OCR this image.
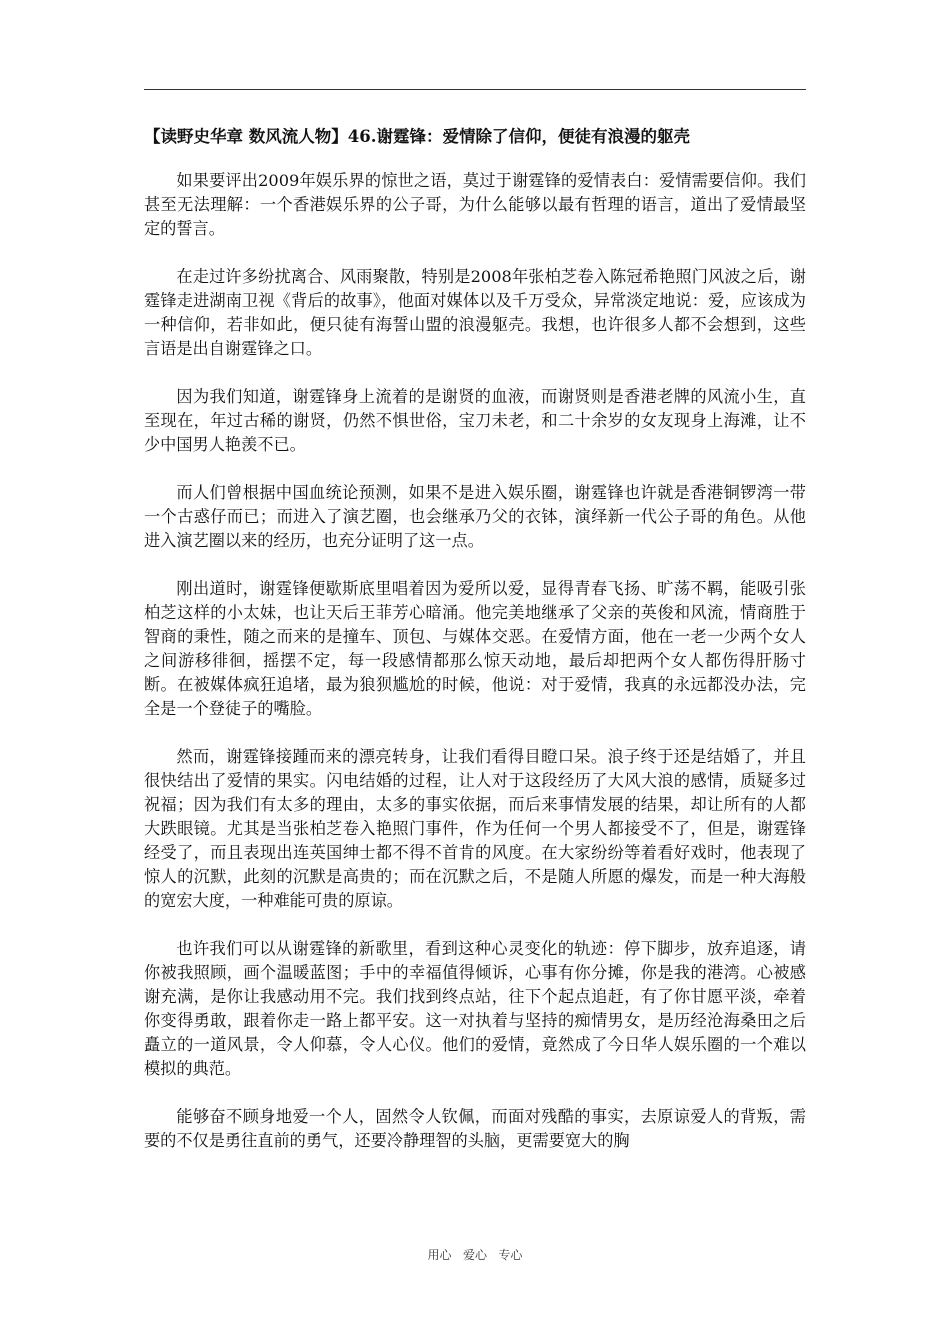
【读野史华章 数风流人物】46.谢霆锋：爱情除了信仰，便徒有浪漫的躯壳

如果要评出2009年娱乐界的惊世之语，莫过于谢霆锋的爱情表白：爱情需要信仰。我们甚至无法理解：一个香港娱乐界的公子哥，为什么能够以最有哲理的语言，道出了爱情最坚定的誓言。

在走过许多纷扰离合、风雨聚散，特别是2008年张柏芝卷入陈冠希艳照门风波之后，谢霆锋走进湖南卫视《背后的故事》，他面对媒体以及千万受众，异常淡定地说：爱，应该成为一种信仰，若非如此，便只徒有海誓山盟的浪漫躯壳。我想，也许很多人都不会想到，这些言语是出自谢霆锋之口。

因为我们知道，谢霆锋身上流着的是谢贤的血液，而谢贤则是香港老牌的风流小生，直至现在，年过古稀的谢贤，仍然不惧世俗，宝刀未老，和二十余岁的女友现身上海滩，让不少中国男人艳羡不已。

而人们曾根据中国血统论预测，如果不是进入娱乐圈，谢霆锋也许就是香港铜锣湾一带一个古惑仔而已；而进入了演艺圈，也会继承乃父的衣钵，演绎新一代公子哥的角色。从他进入演艺圈以来的经历，也充分证明了这一点。

刚出道时，谢霆锋便歇斯底里唱着因为爱所以爱，显得青春飞扬、旷荡不羁，能吸引张柏芝这样的小太妹，也让天后王菲芳心暗涌。他完美地继承了父亲的英俊和风流，情商胜于智商的秉性，随之而来的是撞车、顶包、与媒体交恶。在爱情方面，他在一老一少两个女人之间游移徘徊，摇摆不定，每一段感情都那么惊天动地，最后却把两个女人都伤得肝肠寸断。在被媒体疯狂追堵，最为狼狈尴尬的时候，他说：对于爱情，我真的永远都没办法，完全是一个登徒子的嘴脸。

然而，谢霆锋接踵而来的漂亮转身，让我们看得目瞪口呆。浪子终于还是结婚了，并且很快结出了爱情的果实。闪电结婚的过程，让人对于这段经历了大风大浪的感情，质疑多过祝福；因为我们有太多的理由，太多的事实依据，而后来事情发展的结果，却让所有的人都大跌眼镜。尤其是当张柏芝卷入艳照门事件，作为任何一个男人都接受不了，但是，谢霆锋经受了，而且表现出连英国绅士都不得不首肯的风度。在大家纷纷等着看好戏时，他表现了惊人的沉默，此刻的沉默是高贵的；而在沉默之后，不是随人所愿的爆发，而是一种大海般的宽宏大度，一种难能可贵的原谅。

也许我们可以从谢霆锋的新歌里，看到这种心灵变化的轨迹：停下脚步，放弃追逐，请你被我照顾，画个温暖蓝图；手中的幸福值得倾诉，心事有你分摊，你是我的港湾。心被感谢充满，是你让我感动用不完。我们找到终点站，往下个起点追赶，有了你甘愿平淡，牵着你变得勇敢，跟着你走一路上都平安。这一对执着与坚持的痴情男女，是历经沧海桑田之后矗立的一道风景，令人仰慕，令人心仪。他们的爱情，竟然成了今日华人娱乐圈的一个难以模拟的典范。

能够奋不顾身地爱一个人，固然令人钦佩，而面对残酷的事实，去原谅爱人的背叛，需要的不仅是勇往直前的勇气，还要冷静理智的头脑，更需要宽大的胸

用心   爱心   专心
